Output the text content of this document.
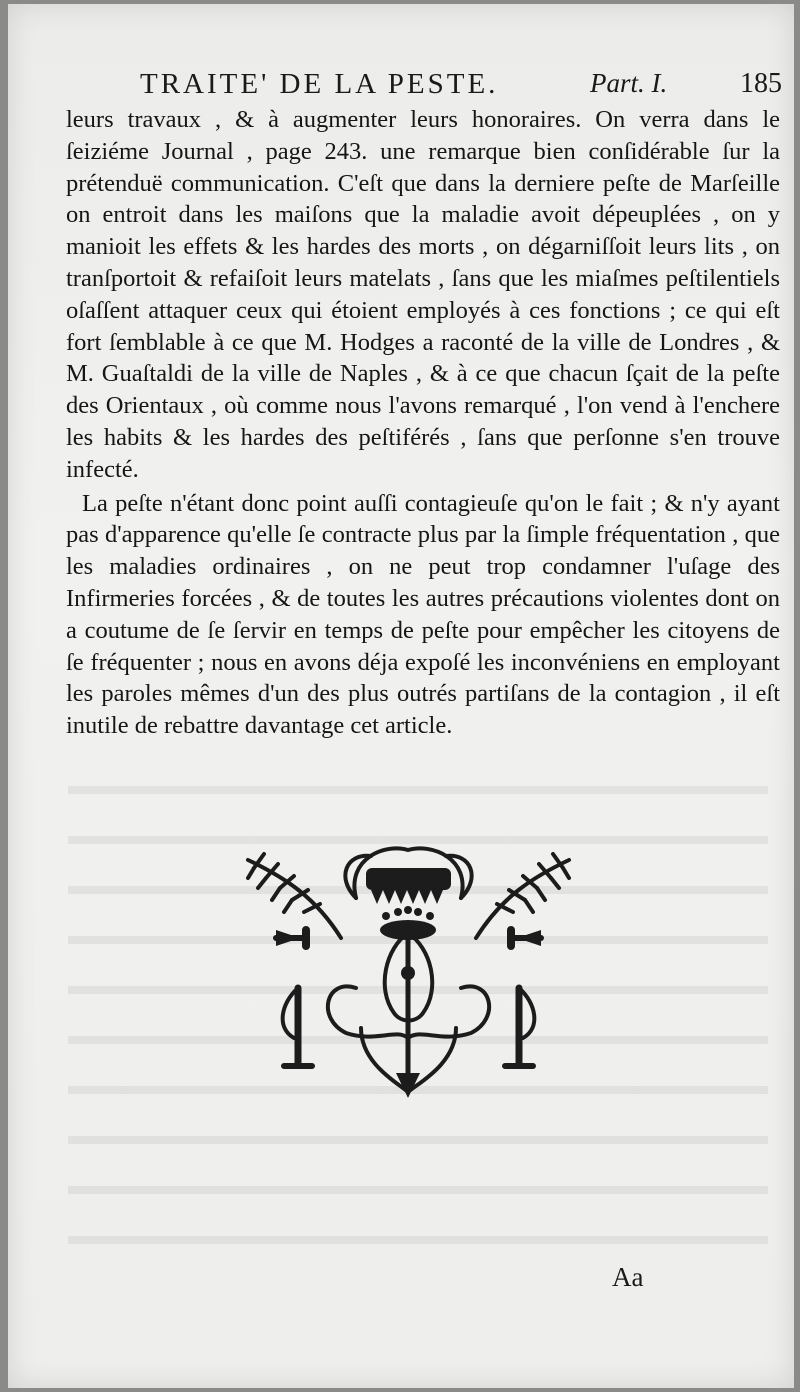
TRAITE' DE LA PESTE.	Part. I.	185

leurs travaux , & à augmenter leurs honoraires. On verra dans le ſeiziéme Journal , page 243. une remarque bien conſidérable ſur la prétenduë communication. C'eſt que dans la derniere peſte de Marſeille on entroit dans les maiſons que la maladie avoit dépeuplées , on y manioit les effets & les hardes des morts , on dégarniſſoit leurs lits , on tranſportoit & refaiſoit leurs matelats , ſans que les miaſmes peſtilentiels oſaſſent attaquer ceux qui étoient employés à ces fonctions ; ce qui eſt fort ſemblable à ce que M. Hodges a raconté de la ville de Londres , & M. Guaſtaldi de la ville de Naples , & à ce que chacun ſçait de la peſte des Orientaux , où comme nous l'avons remarqué , l'on vend à l'enchere les habits & les hardes des peſtiférés , ſans que perſonne s'en trouve infecté.

La peſte n'étant donc point auſſi contagieuſe qu'on le fait ; & n'y ayant pas d'apparence qu'elle ſe contracte plus par la ſimple fréquentation , que les maladies ordinaires , on ne peut trop condamner l'uſage des Infirmeries forcées , & de toutes les autres précautions violentes dont on a coutume de ſe ſervir en temps de peſte pour empêcher les citoyens de ſe fréquenter ; nous en avons déja expoſé les inconvéniens en employant les paroles mêmes d'un des plus outrés partiſans de la contagion , il eſt inutile de rebattre davantage cet article.

Aa
